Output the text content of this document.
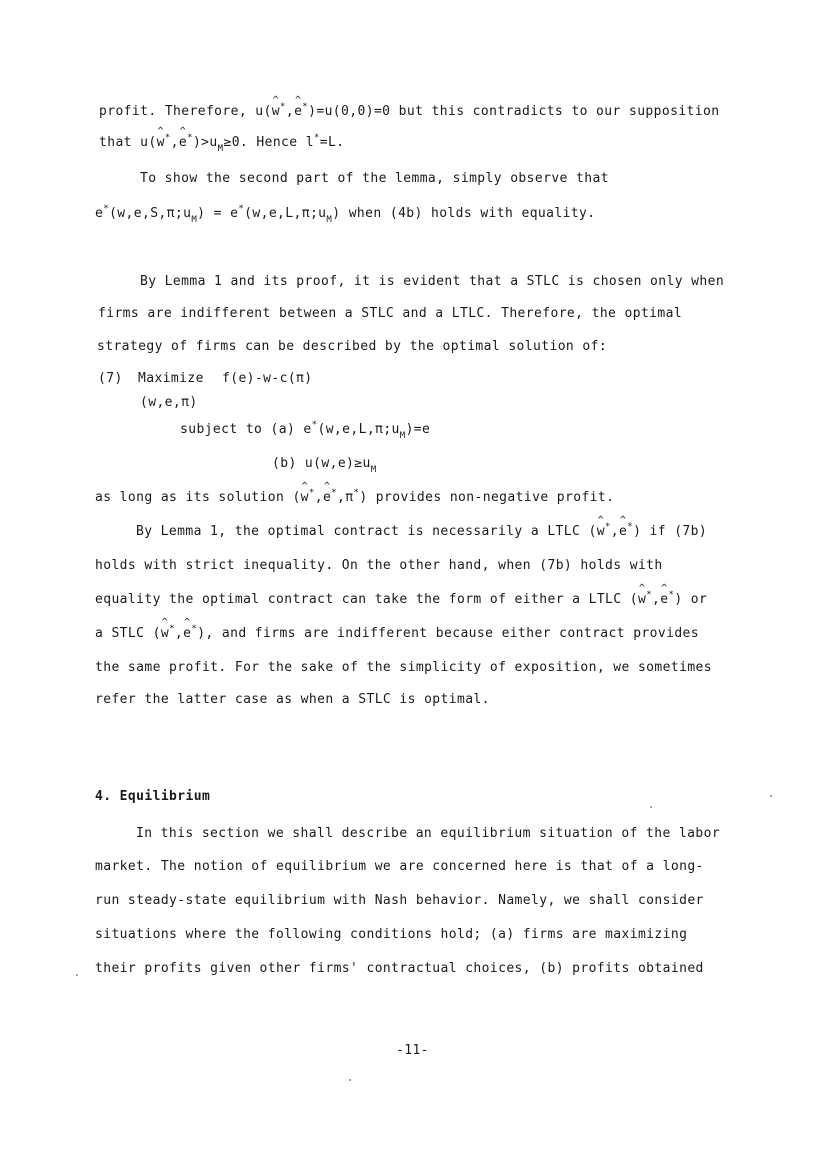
profit. Therefore, u(^ w*,^ e*)=u(0,0)=0 but this contradicts to our supposition
that u(^ w*,^ $e^*)>u_M\ge 0$. Hence l*=L.
To show the second part of the lemma, simply observe that
$e^*(w,e,S,\pi;u_M)$ = $e^*(w,e,L,\pi;u_M)$ when (4b) holds with equality.
By Lemma 1 and its proof, it is evident that a STLC is chosen only when
firms are indifferent between a STLC and a LTLC. Therefore, the optimal
strategy of firms can be described by the optimal solution of:
(7) Maximize f(e)-w-c(π)
(w,e,π)
subject to (a) $e^*(w,e,L,\pi;u_M)=e$
(b) $u(w,e)\ge u_M$
as long as its solution (^ w*,^ e*,π*) provides non-negative profit.
By Lemma 1, the optimal contract is necessarily a LTLC (^ w*,^ e*) if (7b)
holds with strict inequality. On the other hand, when (7b) holds with
equality the optimal contract can take the form of either a LTLC (^ w*,^ e*) or
a STLC (^ w*,^ e*), and firms are indifferent because either contract provides
the same profit. For the sake of the simplicity of exposition, we sometimes
refer the latter case as when a STLC is optimal.
4. Equilibrium
In this section we shall describe an equilibrium situation of the labor
market. The notion of equilibrium we are concerned here is that of a long-
run steady-state equilibrium with Nash behavior. Namely, we shall consider
situations where the following conditions hold; (a) firms are maximizing
their profits given other firms' contractual choices, (b) profits obtained
-11-
